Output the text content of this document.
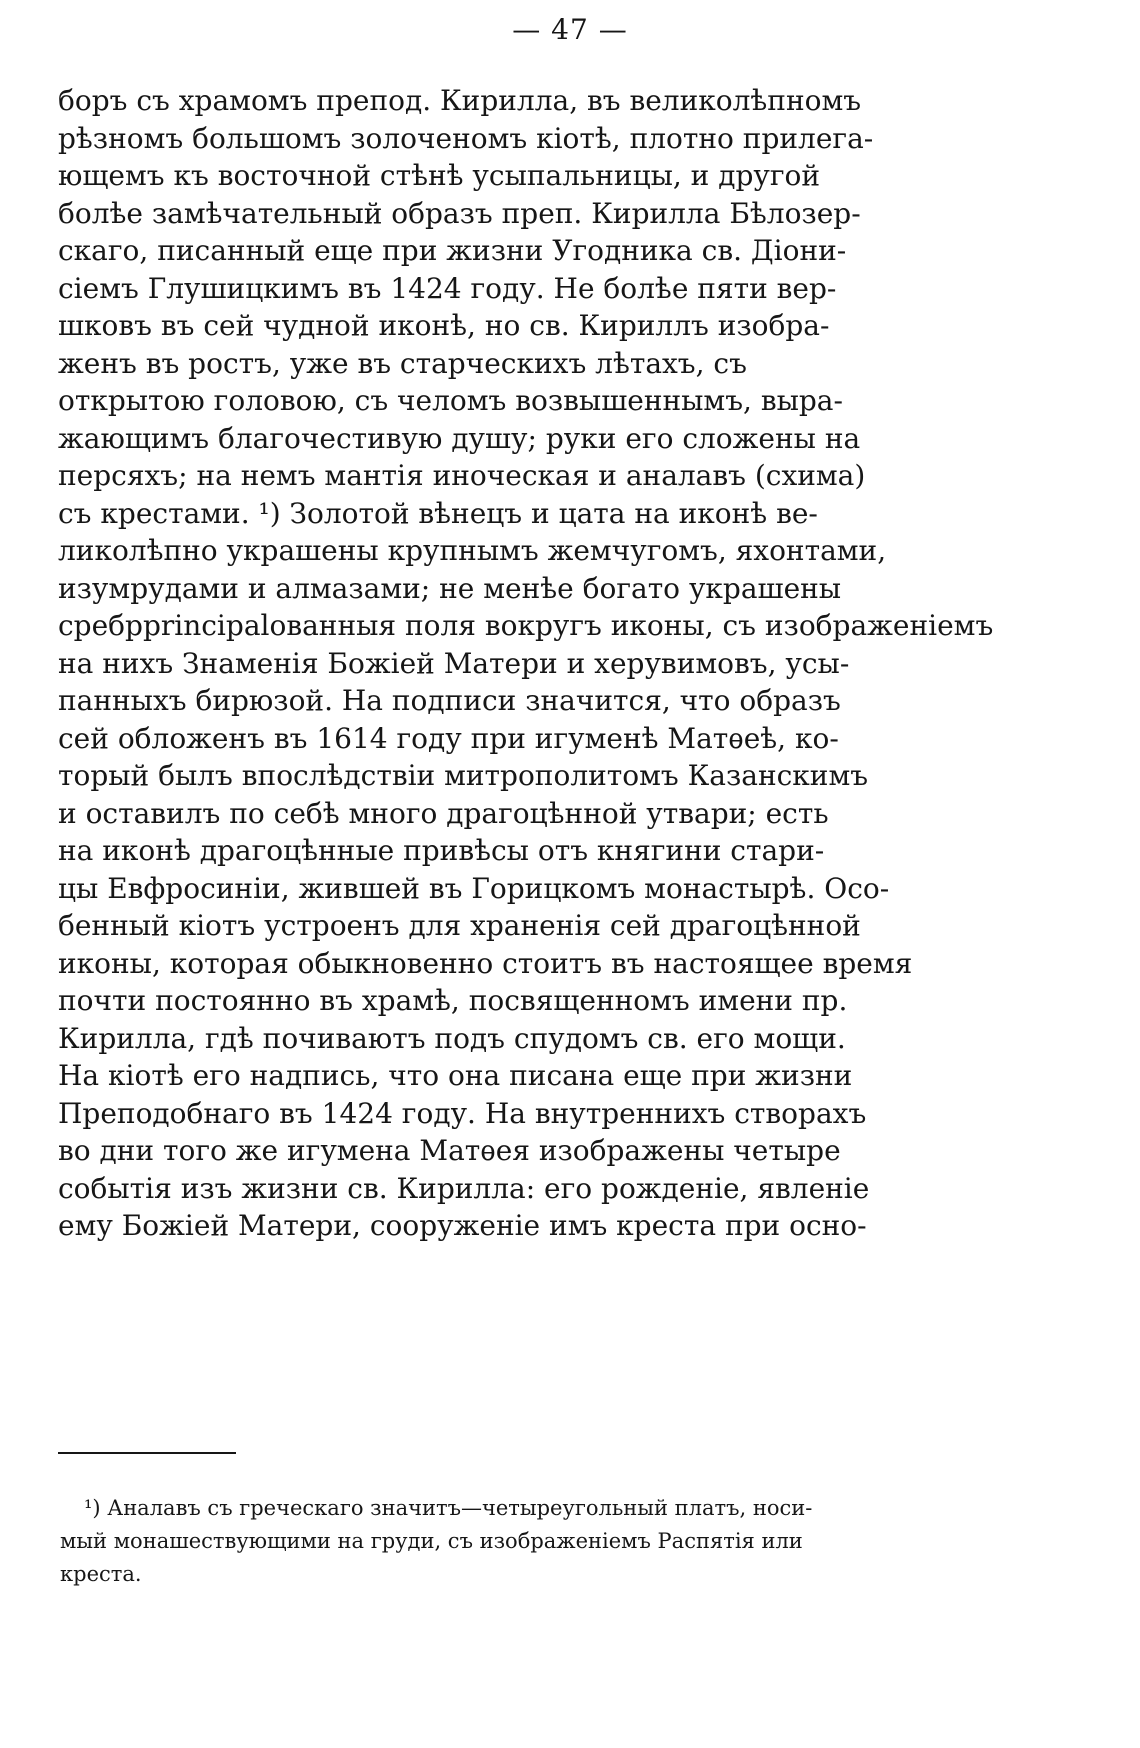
— 47 —
боръ съ храмомъ препод. Кирилла, въ великолѣпномъ
рѣзномъ большомъ золоченомъ кіотѣ, плотно прилега-
ющемъ къ восточной стѣнѣ усыпальницы, и другой
болѣе замѣчательный образъ преп. Кирилла Бѣлозер-
скаго, писанный еще при жизни Угодника св. Діони-
сіемъ Глушицкимъ въ 1424 году. Не болѣе пяти вер-
шковъ въ сей чудной иконѣ, но св. Кириллъ изобра-
женъ въ ростъ, уже въ старческихъ лѣтахъ, съ
открытою головою, съ челомъ возвышеннымъ, выра-
жающимъ благочестивую душу; руки его сложены на
персяхъ; на немъ мантія иноческая и аналавъ (схима)
съ крестами. ¹) Золотой вѣнецъ и цата на иконѣ ве-
ликолѣпно украшены крупнымъ жемчугомъ, яхонтами,
изумрудами и алмазами; не менѣе богато украшены
сребрprincipalованныя поля вокругъ иконы, съ изображеніемъ
на нихъ Знаменія Божіей Матери и херувимовъ, усы-
панныхъ бирюзой. На подписи значится, что образъ
сей обложенъ въ 1614 году при игуменѣ Матѳеѣ, ко-
торый былъ впослѣдствіи митрополитомъ Казанскимъ
и оставилъ по себѣ много драгоцѣнной утвари; есть
на иконѣ драгоцѣнные привѣсы отъ княгини стари-
цы Евфросиніи, жившей въ Горицкомъ монастырѣ. Осо-
бенный кіотъ устроенъ для храненія сей драгоцѣнной
иконы, которая обыкновенно стоитъ въ настоящее время
почти постоянно въ храмѣ, посвященномъ имени пр.
Кирилла, гдѣ почиваютъ подъ спудомъ св. его мощи.
На кіотѣ его надпись, что она писана еще при жизни
Преподобнаго въ 1424 году. На внутреннихъ створахъ
во дни того же игумена Матѳея изображены четыре
событія изъ жизни св. Кирилла: его рожденіе, явленіе
ему Божіей Матери, сооруженіе имъ креста при осно-
¹) Аналавъ съ греческаго значитъ—четыреугольный платъ, носи-
мый монашествующими на груди, съ изображеніемъ Распятія или
креста.
